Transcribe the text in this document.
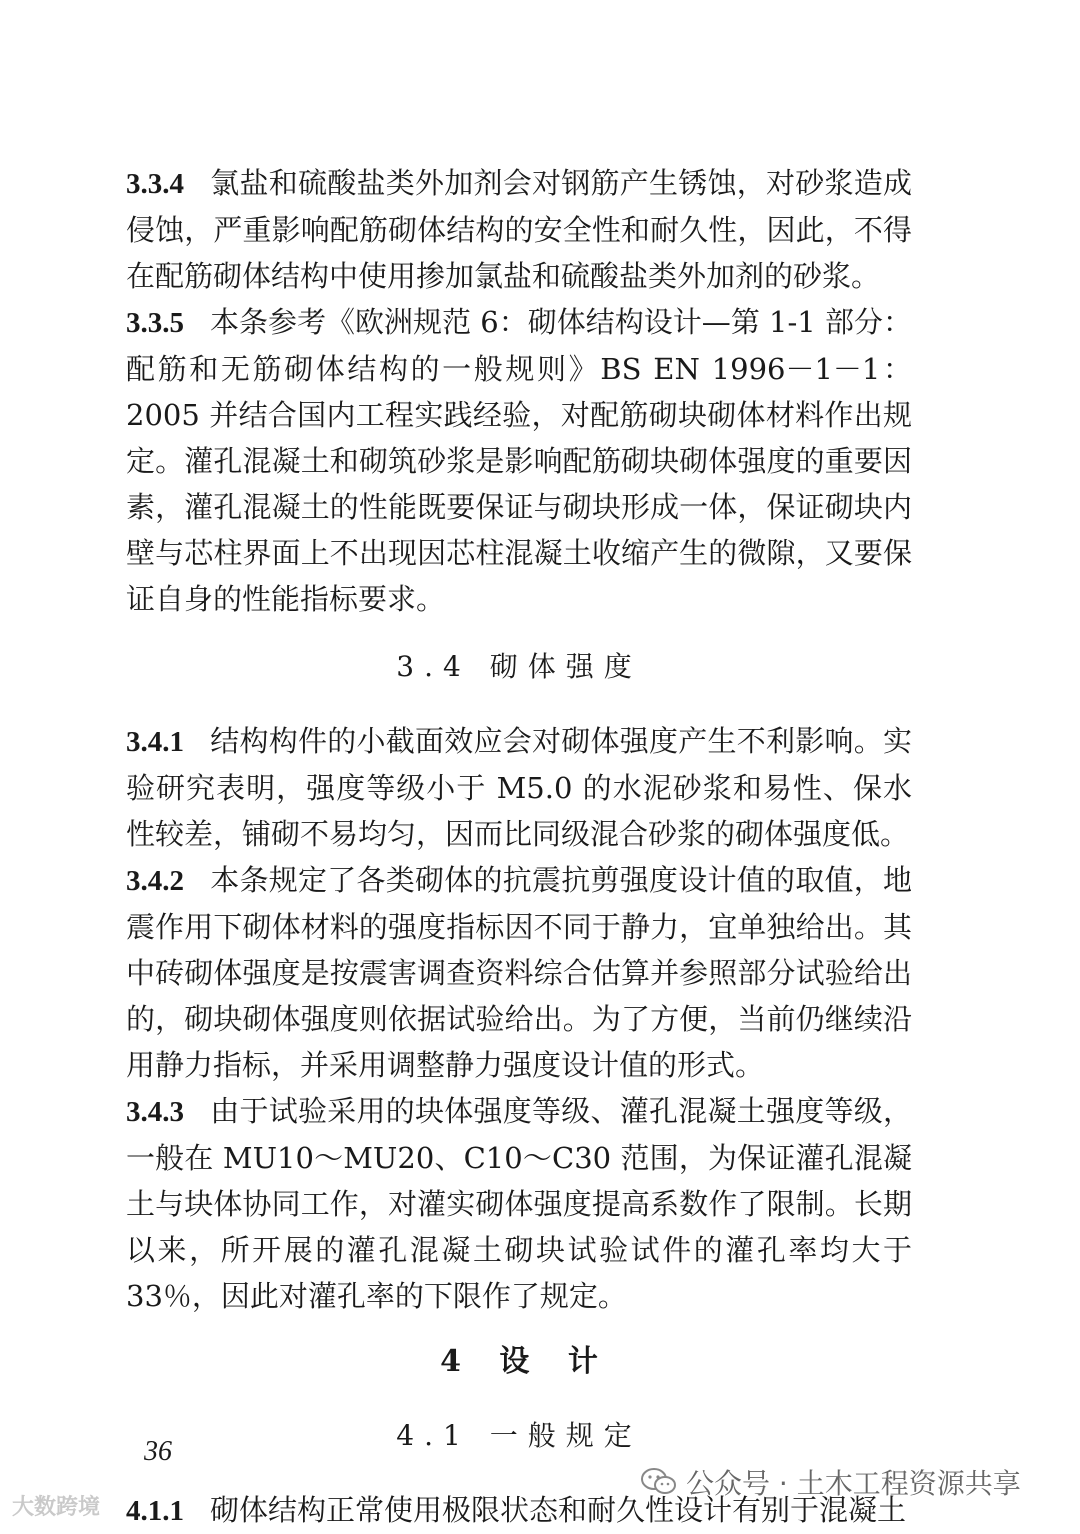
3.3.4 氯盐和硫酸盐类外加剂会对钢筋产生锈蚀，对砂浆造成侵蚀，严重影响配筋砌体结构的安全性和耐久性，因此，不得在配筋砌体结构中使用掺加氯盐和硫酸盐类外加剂的砂浆。

3.3.5 本条参考《欧洲规范 6：砌体结构设计—第 1-1 部分：配筋和无筋砌体结构的一般规则》BS EN 1996－1－1：2005 并结合国内工程实践经验，对配筋砌块砌体材料作出规定。灌孔混凝土和砌筑砂浆是影响配筋砌块砌体强度的重要因素，灌孔混凝土的性能既要保证与砌块形成一体，保证砌块内壁与芯柱界面上不出现因芯柱混凝土收缩产生的微隙，又要保证自身的性能指标要求。

3.4 砌体强度

3.4.1 结构构件的小截面效应会对砌体强度产生不利影响。实验研究表明，强度等级小于 M5.0 的水泥砂浆和易性、保水性较差，铺砌不易均匀，因而比同级混合砂浆的砌体强度低。

3.4.2 本条规定了各类砌体的抗震抗剪强度设计值的取值，地震作用下砌体材料的强度指标因不同于静力，宜单独给出。其中砖砌体强度是按震害调查资料综合估算并参照部分试验给出的，砌块砌体强度则依据试验给出。为了方便，当前仍继续沿用静力指标，并采用调整静力强度设计值的形式。

3.4.3 由于试验采用的块体强度等级、灌孔混凝土强度等级，一般在 MU10～MU20、C10～C30 范围，为保证灌孔混凝土与块体协同工作，对灌实砌体强度提高系数作了限制。长期以来，所开展的灌孔混凝土砌块试验试件的灌孔率均大于 33％，因此对灌孔率的下限作了规定。

4 设 计
4.1 一般规定

4.1.1 砌体结构正常使用极限状态和耐久性设计有别于混凝土

36
大数跨境
公众号 · 土木工程资源共享
